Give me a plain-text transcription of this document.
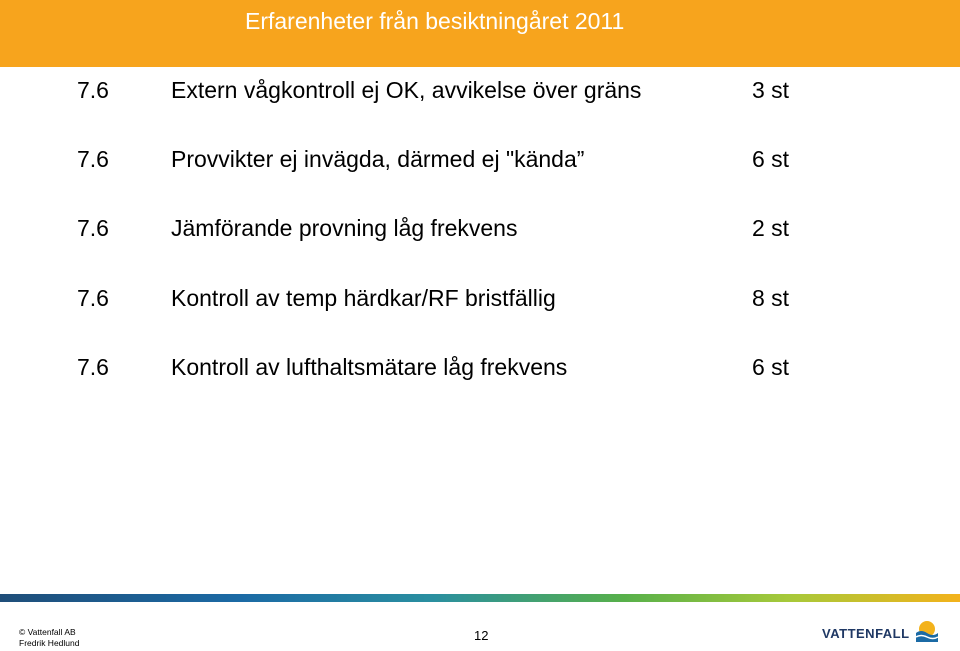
Erfarenheter från besiktningåret 2011
7.6	Extern vågkontroll ej OK, avvikelse över gräns	3 st
7.6	Provvikter ej invägda, därmed ej "kända”	6 st
7.6	Jämförande provning låg frekvens	2 st
7.6	Kontroll av temp härdkar/RF bristfällig	8 st
7.6	Kontroll av lufthaltsmätare låg frekvens	6 st
© Vattenfall AB
Fredrik Hedlund	12	VATTENFALL
